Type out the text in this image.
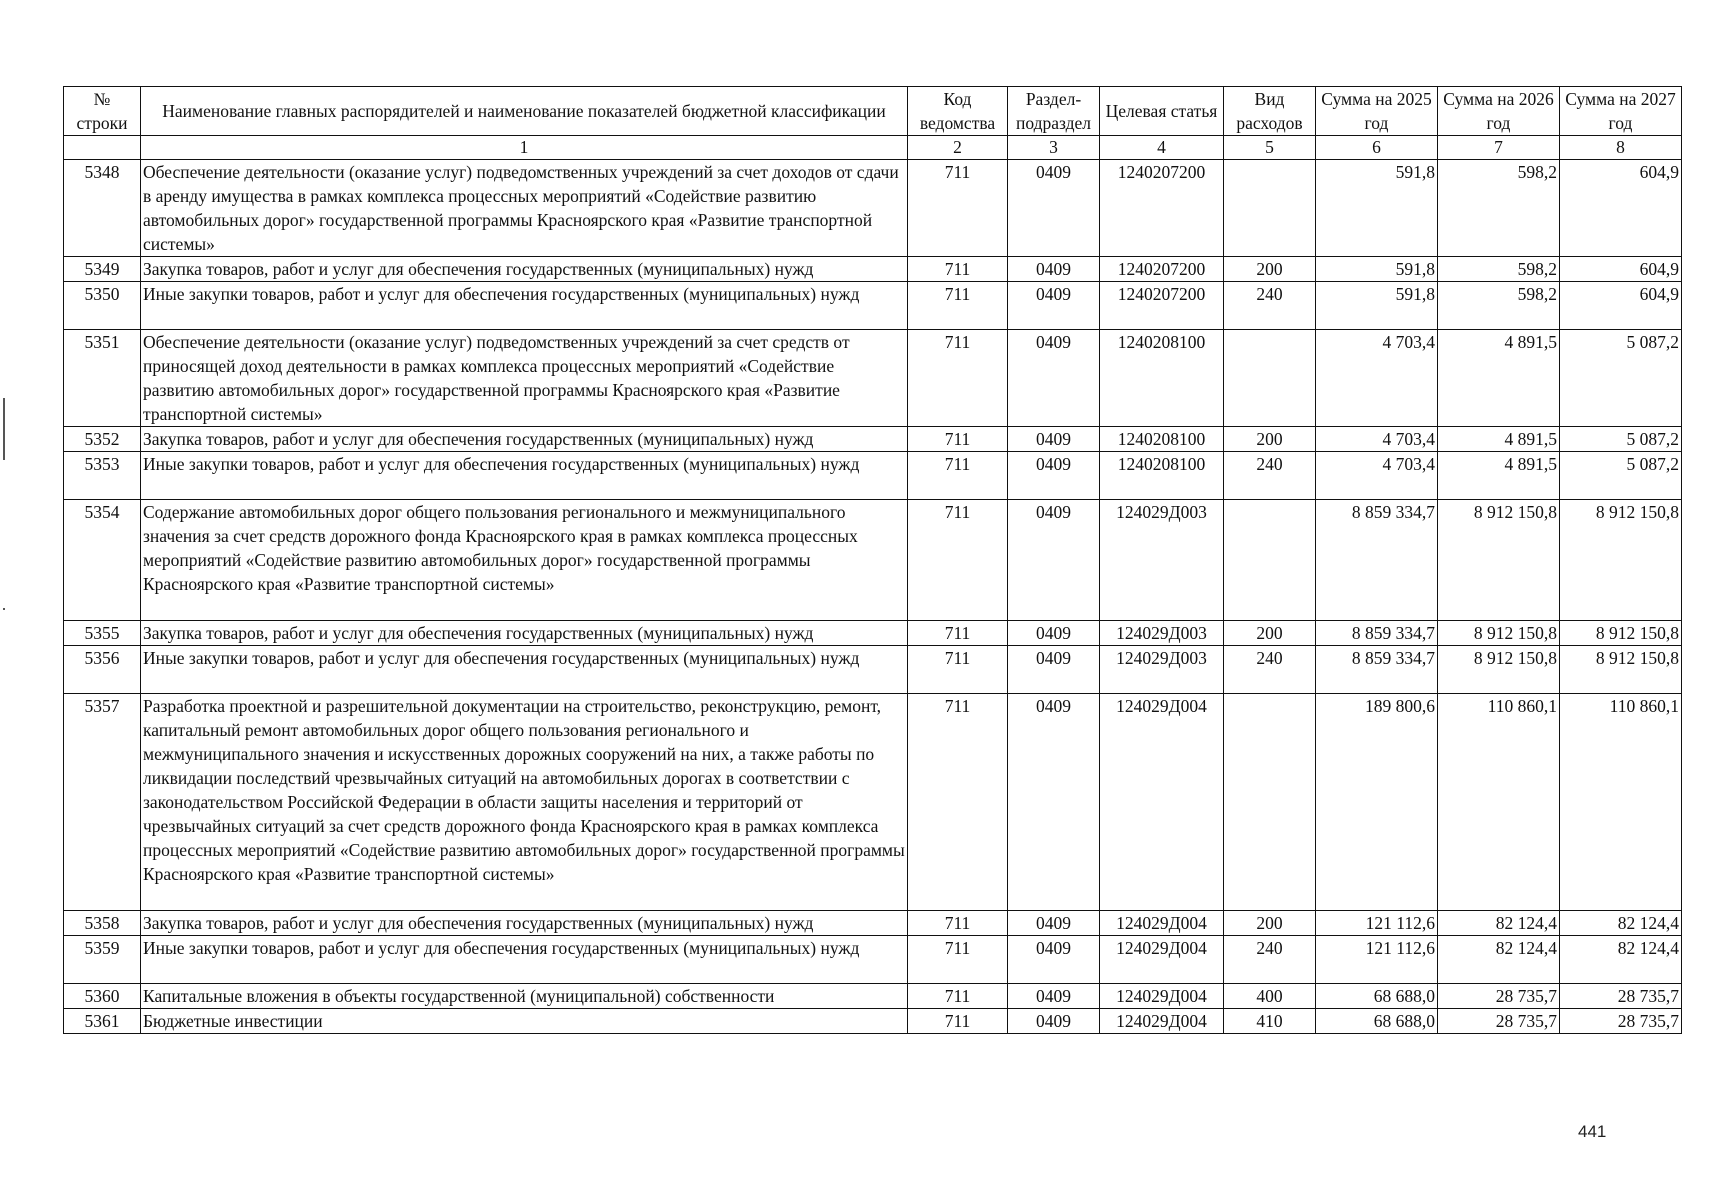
№ строки	Наименование главных распорядителей и наименование показателей бюджетной классификации	Код ведомства	Раздел-подраздел	Целевая статья	Вид расходов	Сумма на 2025 год	Сумма на 2026 год	Сумма на 2027 год
	1	2	3	4	5	6	7	8
5348	Обеспечение деятельности (оказание услуг) подведомственных учреждений за счет доходов от сдачи в аренду имущества в рамках комплекса процессных мероприятий «Содействие развитию автомобильных дорог» государственной программы Красноярского края «Развитие транспортной системы»	711	0409	1240207200		591,8	598,2	604,9
5349	Закупка товаров, работ и услуг для обеспечения государственных (муниципальных) нужд	711	0409	1240207200	200	591,8	598,2	604,9
5350	Иные закупки товаров, работ и услуг для обеспечения государственных (муниципальных) нужд	711	0409	1240207200	240	591,8	598,2	604,9
5351	Обеспечение деятельности (оказание услуг) подведомственных учреждений за счет средств от приносящей доход деятельности в рамках комплекса процессных мероприятий «Содействие развитию автомобильных дорог» государственной программы Красноярского края «Развитие транспортной системы»	711	0409	1240208100		4 703,4	4 891,5	5 087,2
5352	Закупка товаров, работ и услуг для обеспечения государственных (муниципальных) нужд	711	0409	1240208100	200	4 703,4	4 891,5	5 087,2
5353	Иные закупки товаров, работ и услуг для обеспечения государственных (муниципальных) нужд	711	0409	1240208100	240	4 703,4	4 891,5	5 087,2
5354	Содержание автомобильных дорог общего пользования регионального и межмуниципального значения за счет средств дорожного фонда Красноярского края в рамках комплекса процессных мероприятий «Содействие развитию автомобильных дорог» государственной программы Красноярского края «Развитие транспортной системы»	711	0409	124029Д003		8 859 334,7	8 912 150,8	8 912 150,8
5355	Закупка товаров, работ и услуг для обеспечения государственных (муниципальных) нужд	711	0409	124029Д003	200	8 859 334,7	8 912 150,8	8 912 150,8
5356	Иные закупки товаров, работ и услуг для обеспечения государственных (муниципальных) нужд	711	0409	124029Д003	240	8 859 334,7	8 912 150,8	8 912 150,8
5357	Разработка проектной и разрешительной документации на строительство, реконструкцию, ремонт, капитальный ремонт автомобильных дорог общего пользования регионального и межмуниципального значения и искусственных дорожных сооружений на них, а также работы по ликвидации последствий чрезвычайных ситуаций на автомобильных дорогах в соответствии с законодательством Российской Федерации в области защиты населения и территорий от чрезвычайных ситуаций за счет средств дорожного фонда Красноярского края в рамках комплекса процессных мероприятий «Содействие развитию автомобильных дорог» государственной программы Красноярского края «Развитие транспортной системы»	711	0409	124029Д004		189 800,6	110 860,1	110 860,1
5358	Закупка товаров, работ и услуг для обеспечения государственных (муниципальных) нужд	711	0409	124029Д004	200	121 112,6	82 124,4	82 124,4
5359	Иные закупки товаров, работ и услуг для обеспечения государственных (муниципальных) нужд	711	0409	124029Д004	240	121 112,6	82 124,4	82 124,4
5360	Капитальные вложения в объекты государственной (муниципальной) собственности	711	0409	124029Д004	400	68 688,0	28 735,7	28 735,7
5361	Бюджетные инвестиции	711	0409	124029Д004	410	68 688,0	28 735,7	28 735,7
441
